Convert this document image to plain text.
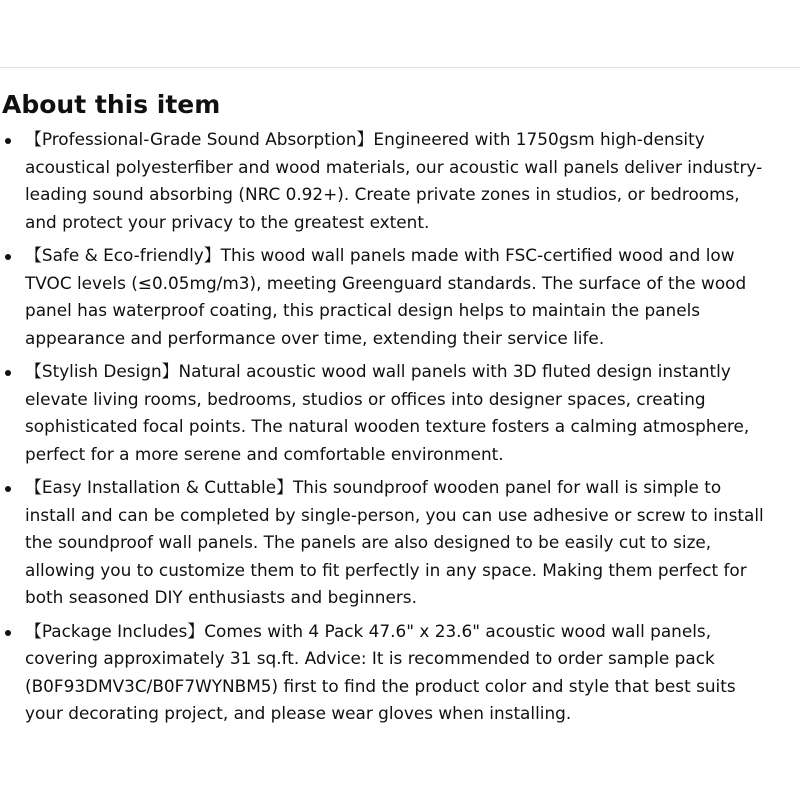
About this item
【Professional-Grade Sound Absorption】Engineered with 1750gsm high-density
acoustical polyesterfiber and wood materials, our acoustic wall panels deliver industry-
leading sound absorbing (NRC 0.92+). Create private zones in studios, or bedrooms,
and protect your privacy to the greatest extent.
【Safe & Eco-friendly】This wood wall panels made with FSC-certified wood and low
TVOC levels (≤0.05mg/m3), meeting Greenguard standards. The surface of the wood
panel has waterproof coating, this practical design helps to maintain the panels
appearance and performance over time, extending their service life.
【Stylish Design】Natural acoustic wood wall panels with 3D fluted design instantly
elevate living rooms, bedrooms, studios or offices into designer spaces, creating
sophisticated focal points. The natural wooden texture fosters a calming atmosphere,
perfect for a more serene and comfortable environment.
【Easy Installation & Cuttable】This soundproof wooden panel for wall is simple to
install and can be completed by single-person, you can use adhesive or screw to install
the soundproof wall panels. The panels are also designed to be easily cut to size,
allowing you to customize them to fit perfectly in any space. Making them perfect for
both seasoned DIY enthusiasts and beginners.
【Package Includes】Comes with 4 Pack 47.6" x 23.6" acoustic wood wall panels,
covering approximately 31 sq.ft. Advice: It is recommended to order sample pack
(B0F93DMV3C/B0F7WYNBM5) first to find the product color and style that best suits
your decorating project, and please wear gloves when installing.
